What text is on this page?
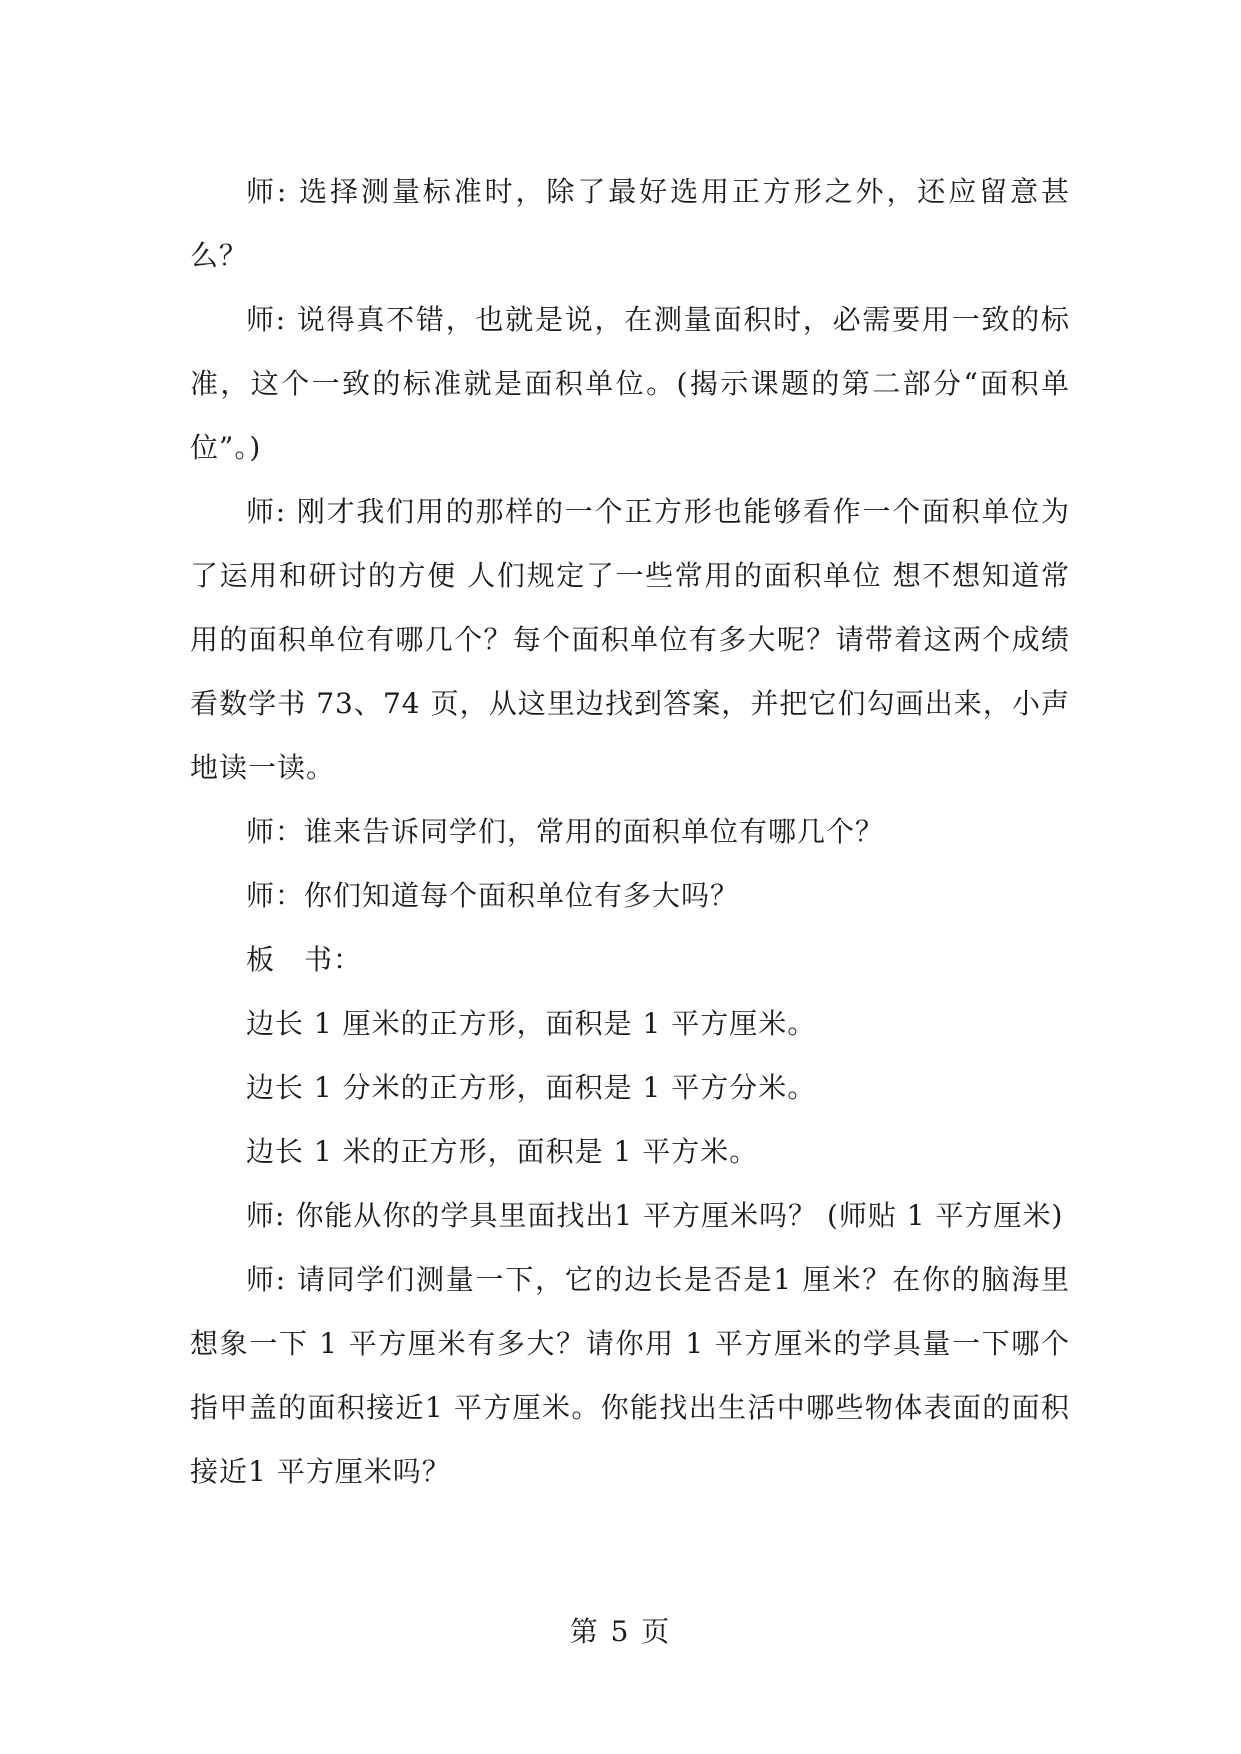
师: 选择测量标准时，除了最好选用正方形之外，还应留意甚么？

师: 说得真不错，也就是说，在测量面积时，必需要用一致的标准，这个一致的标准就是面积单位。(揭示课题的第二部分“面积单位”。)

师: 刚才我们用的那样的一个正方形也能够看作一个面积单位为了运用和研讨的方便 人们规定了一些常用的面积单位 想不想知道常用的面积单位有哪几个？每个面积单位有多大呢？请带着这两个成绩看数学书 73、74 页，从这里边找到答案，并把它们勾画出来，小声地读一读。

师：谁来告诉同学们，常用的面积单位有哪几个？

师：你们知道每个面积单位有多大吗？

板　书：

边长 1 厘米的正方形，面积是 1 平方厘米。

边长 1 分米的正方形，面积是 1 平方分米。

边长 1 米的正方形，面积是 1 平方米。

师: 你能从你的学具里面找出1 平方厘米吗？ (师贴 1 平方厘米)

师: 请同学们测量一下，它的边长是否是1 厘米？在你的脑海里想象一下 1 平方厘米有多大？请你用 1 平方厘米的学具量一下哪个指甲盖的面积接近1 平方厘米。你能找出生活中哪些物体表面的面积接近1 平方厘米吗？

第 5 页
